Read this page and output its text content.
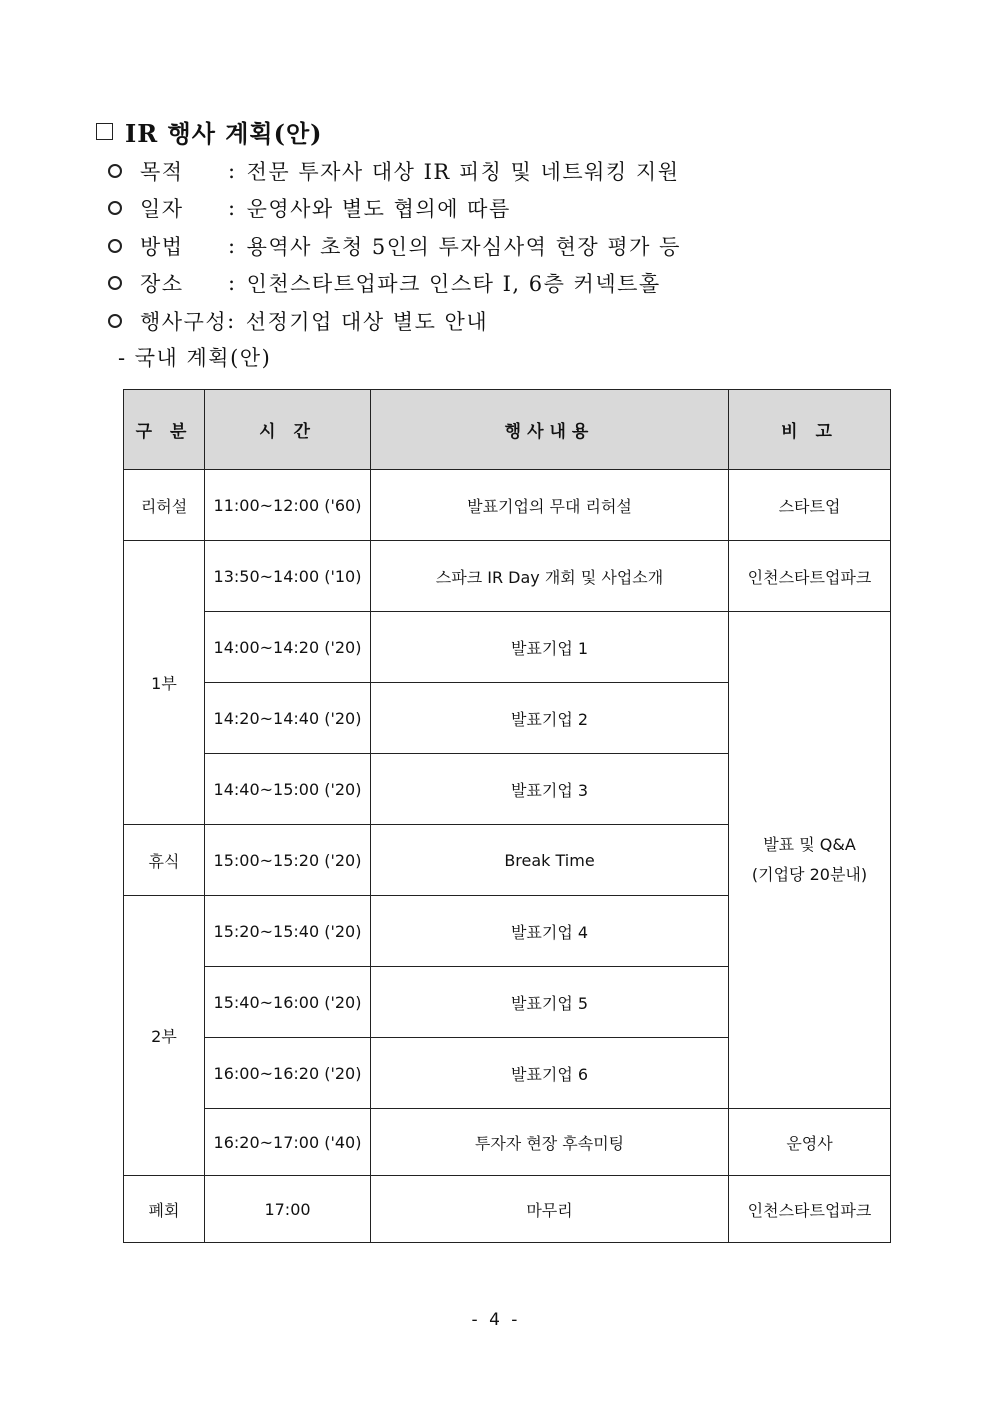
IR 행사 계획(안)
목적	: 전문 투자사 대상 IR 피칭 및 네트워킹 지원
일자	: 운영사와 별도 협의에 따름
방법	: 용역사 초청 5인의 투자심사역 현장 평가 등
장소	: 인천스타트업파크 인스타 I, 6층 커넥트홀
행사구성 : 선정기업 대상 별도 안내
- 국내 계획(안)
구 분	시 간	행사내용	비 고
리허설	11:00~12:00 ('60)	발표기업의 무대 리허설	스타트업
1부	13:50~14:00 ('10)	스파크 IR Day 개회 및 사업소개	인천스타트업파크
	14:00~14:20 ('20)	발표기업 1	발표 및 Q&A
(기업당 20분내)

	14:20~14:40 ('20)	발표기업 2	
	14:40~15:00 ('20)	발표기업 3	
휴식	15:00~15:20 ('20)	Break Time	
2부	15:20~15:40 ('20)	발표기업 4	
	15:40~16:00 ('20)	발표기업 5	
	16:00~16:20 ('20)	발표기업 6	
	16:20~17:00 ('40)	투자자 현장 후속미팅	운영사
폐회	17:00	마무리	인천스타트업파크
- 4 -
